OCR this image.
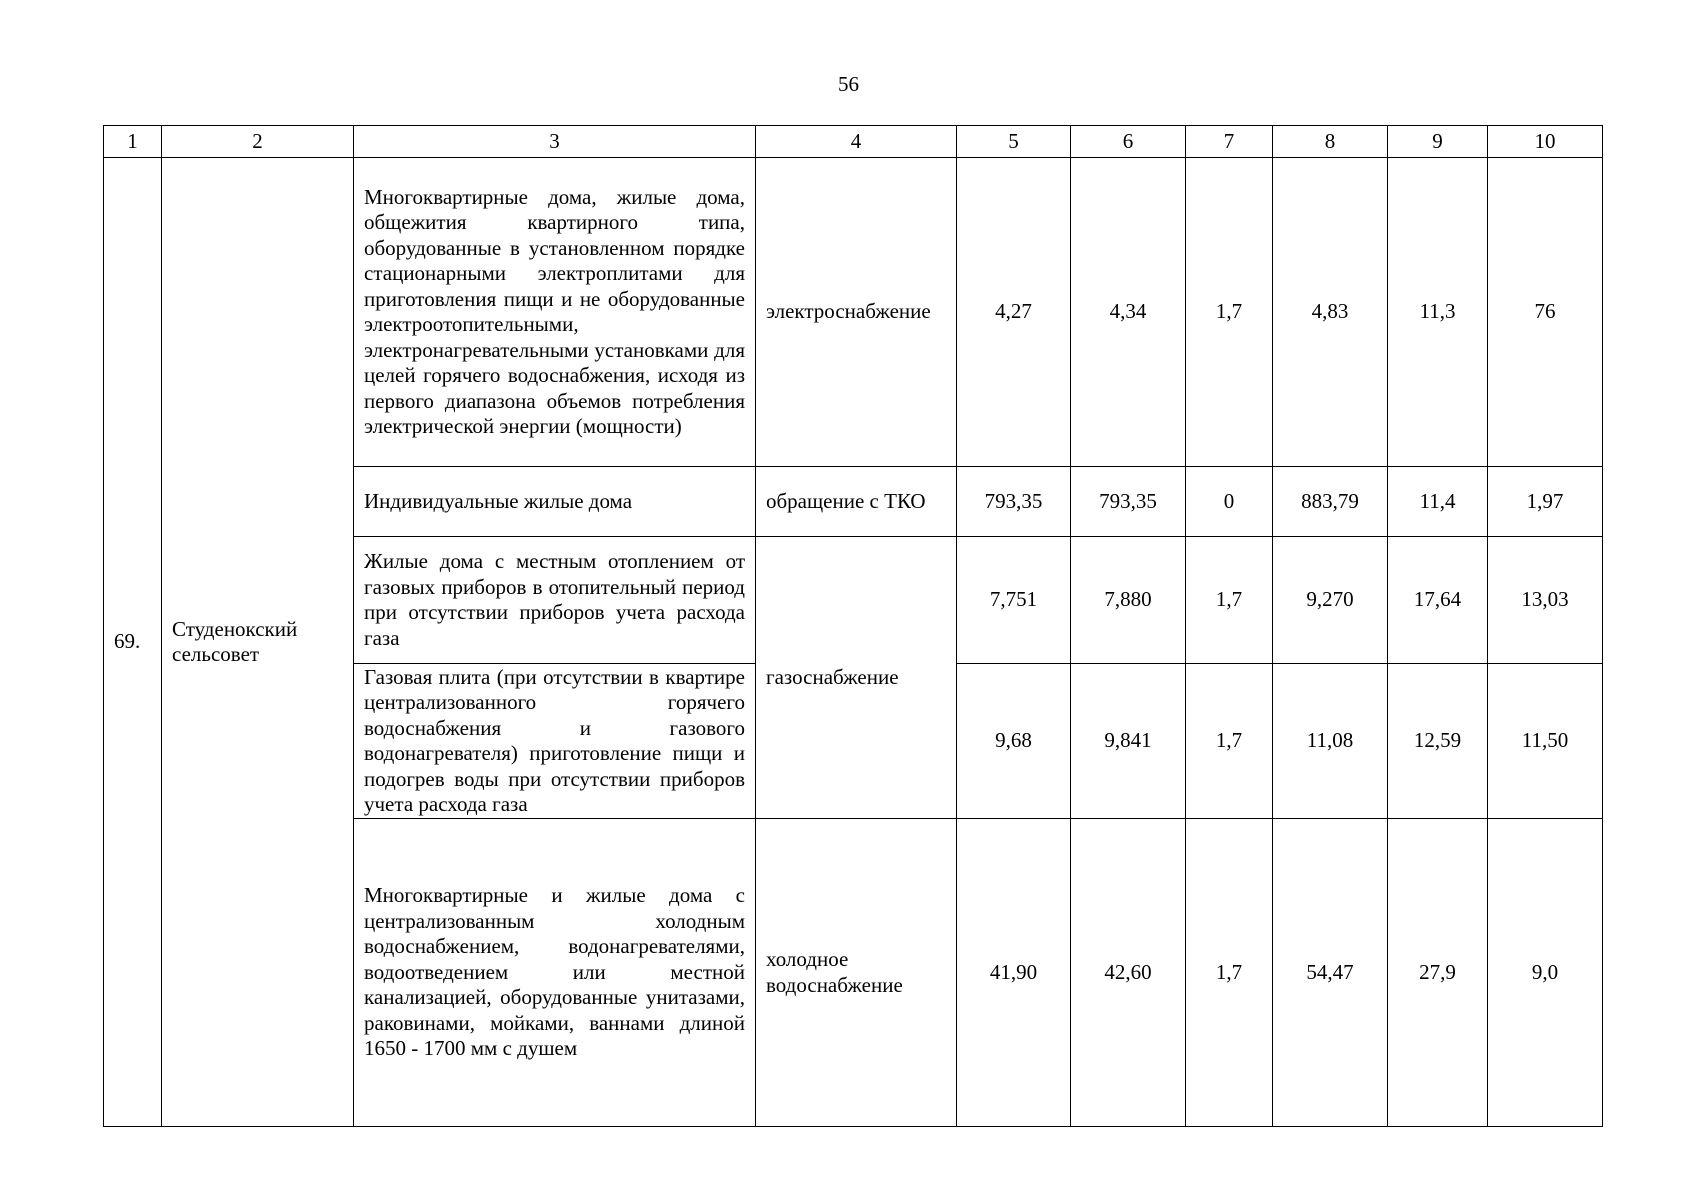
56
1	2	3	4	5	6	7	8	9	10
69.	Студенокский сельсовет	Многоквартирные дома, жилые дома, общежития квартирного типа, оборудованные в установленном порядке стационарными электроплитами для приготовления пищи и не оборудованные электроотопительными, электронагревательными установками для целей горячего водоснабжения, исходя из первого диапазона объемов потребления электрической энергии (мощности)	электроснабжение	4,27	4,34	1,7	4,83	11,3	76
		Индивидуальные жилые дома	обращение с ТКО	793,35	793,35	0	883,79	11,4	1,97
		Жилые дома с местным отоплением от газовых приборов в отопительный период при отсутствии приборов учета расхода газа	газоснабжение	7,751	7,880	1,7	9,270	17,64	13,03
		Газовая плита (при отсутствии в квартире централизованного горячего водоснабжения и газового водонагревателя) приготовление пищи и подогрев воды при отсутствии приборов учета расхода газа		9,68	9,841	1,7	11,08	12,59	11,50
		Многоквартирные и жилые дома с централизованным холодным водоснабжением, водонагревателями, водоотведением или местной канализацией, оборудованные унитазами, раковинами, мойками, ваннами длиной 1650 - 1700 мм с душем	холодное водоснабжение	41,90	42,60	1,7	54,47	27,9	9,0
